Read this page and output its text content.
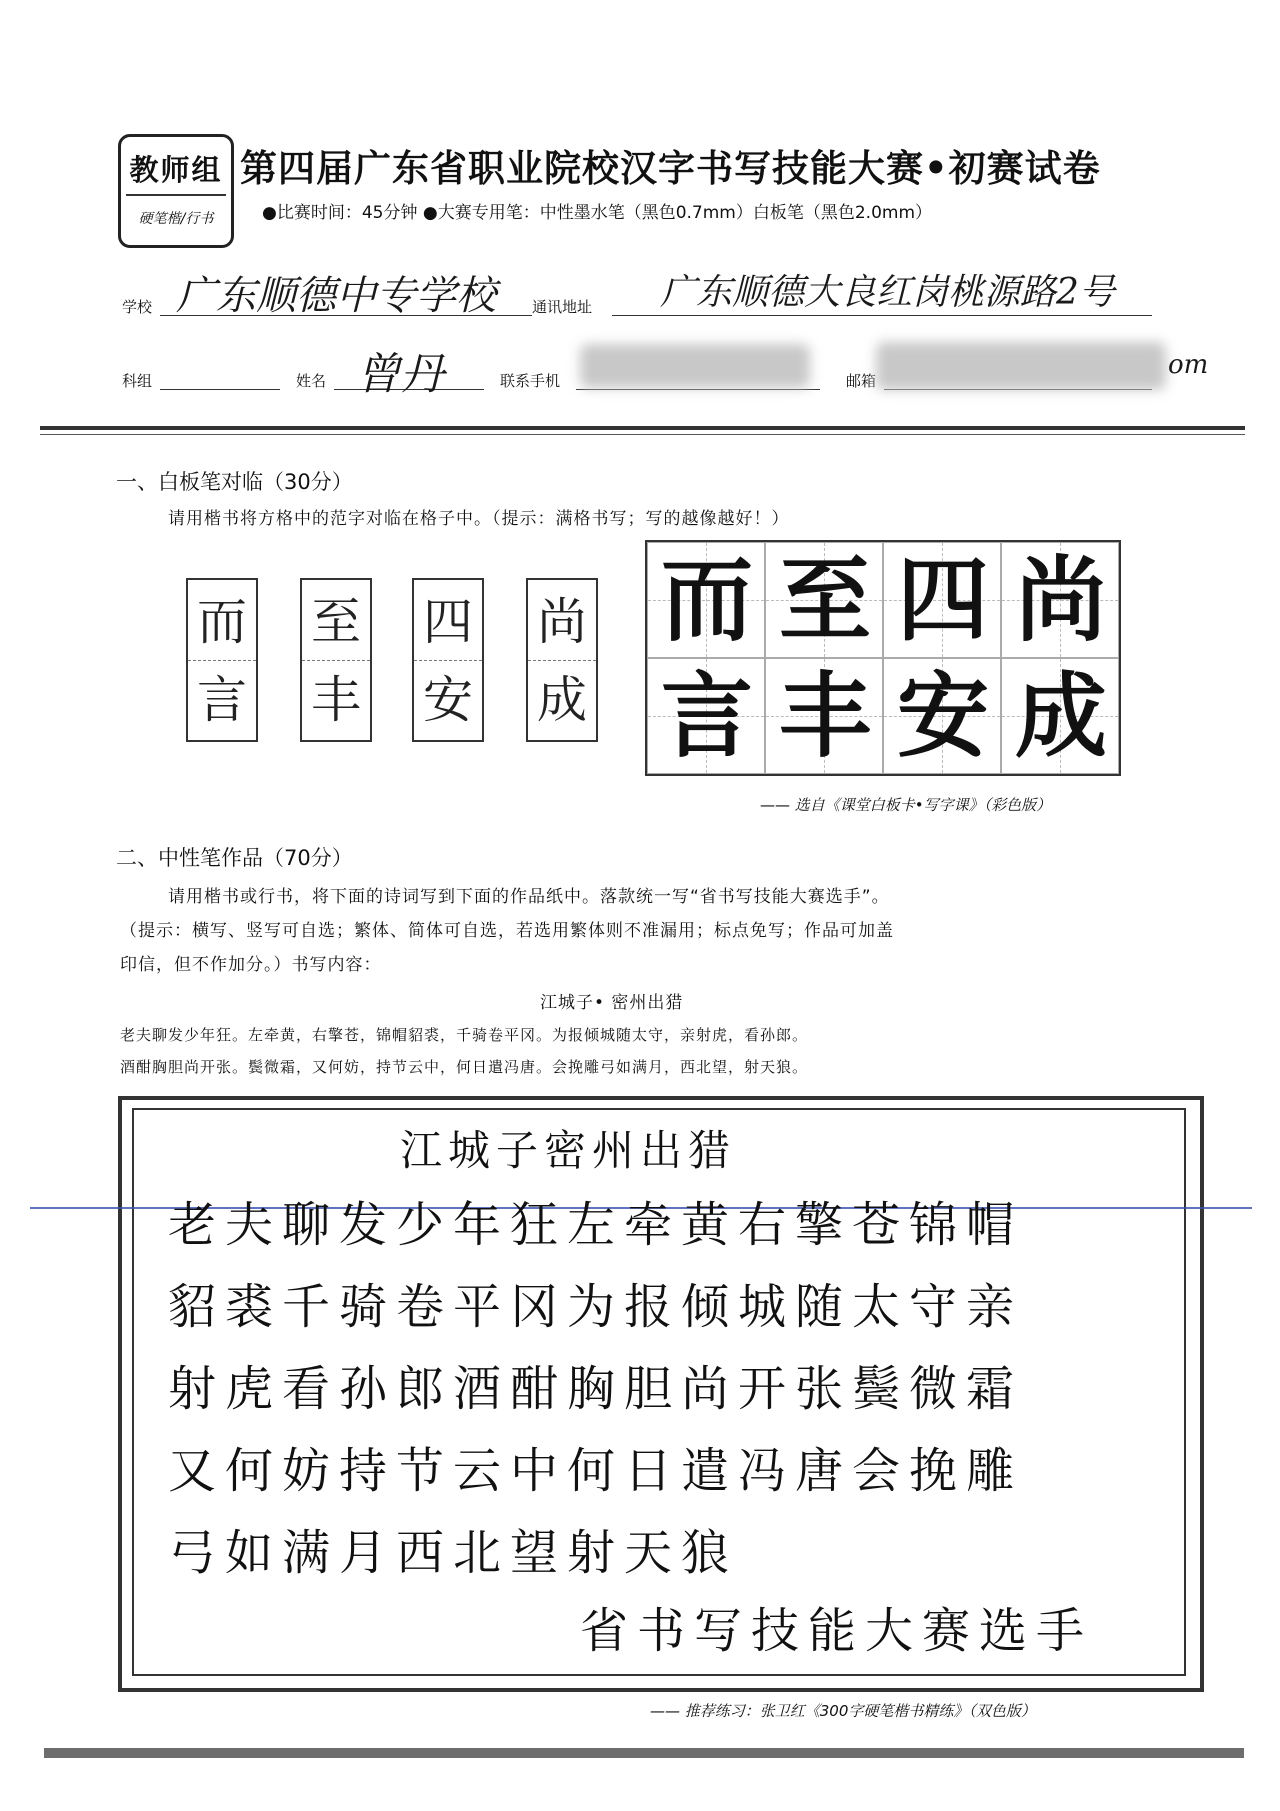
教师组
硬笔楷/行书
第四届广东省职业院校汉字书写技能大赛•初赛试卷
●比赛时间：45分钟 ●大赛专用笔：中性墨水笔（黑色0.7mm）白板笔（黑色2.0mm）
学校 广东顺德中专学校 通讯地址 广东顺德大良红岗桃源路2号
科组	姓名 曾丹	联系手机	邮箱
om
一、白板笔对临（30分）
请用楷书将方格中的范字对临在格子中。（提示：满格书写；写的越像越好！）
而
言
至
丰
四
安
尚
成
而 至 四 尚
言 丰 安 成
—— 选自《课堂白板卡•写字课》（彩色版）
二、中性笔作品（70分）
请用楷书或行书，将下面的诗词写到下面的作品纸中。落款统一写“省书写技能大赛选手”。
（提示：横写、竖写可自选；繁体、简体可自选，若选用繁体则不准漏用；标点免写；作品可加盖
印信，但不作加分。）书写内容：
江城子• 密州出猎
老夫聊发少年狂。左牵黄，右擎苍，锦帽貂裘，千骑卷平冈。为报倾城随太守，亲射虎，看孙郎。
酒酣胸胆尚开张。鬓微霜，又何妨，持节云中，何日遣冯唐。会挽雕弓如满月，西北望，射天狼。
江城子密州出猎
老夫聊发少年狂左牵黄右擎苍锦帽
貂裘千骑卷平冈为报倾城随太守亲
射虎看孙郎酒酣胸胆尚开张鬓微霜
又何妨持节云中何日遣冯唐会挽雕
弓如满月西北望射天狼
省书写技能大赛选手
—— 推荐练习：张卫红《300字硬笔楷书精练》（双色版）
